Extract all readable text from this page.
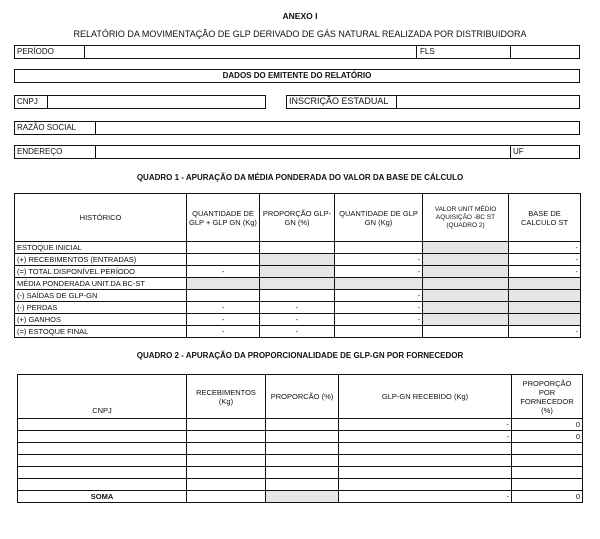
ANEXO I
RELATÓRIO DA MOVIMENTAÇÃO DE GLP DERIVADO DE GÁS NATURAL REALIZADA POR DISTRIBUIDORA
PERÍODO	FLS
DADOS DO EMITENTE DO RELATÓRIO
CNPJ	INSCRIÇÃO ESTADUAL
RAZÃO SOCIAL
ENDEREÇO	UF
QUADRO 1 - APURAÇÃO DA MÉDIA PONDERADA DO VALOR DA BASE DE CÁLCULO
HISTÓRICO	QUANTIDADE DE GLP + GLP GN (Kg)	PROPORÇÃO GLP-GN (%)	QUANTIDADE DE GLP GN (Kg)	VALOR UNIT MÉDIO AQUISIÇÃO -BC ST (QUADRO 2)	BASE DE CALCULO ST
ESTOQUE INICIAL					-
(+) RECEBIMENTOS (ENTRADAS)			-		-
(=) TOTAL DISPONÍVEL PERÍODO	-		-		-
MÉDIA PONDERADA UNIT.DA BC-ST					
(-) SAÍDAS DE GLP-GN			-		
(-) PERDAS	-	-	-		
(+) GANHOS	-	-	-		
(=) ESTOQUE FINAL	-	-			-
QUADRO 2 - APURAÇÃO DA PROPORCIONALIDADE DE GLP-GN POR FORNECEDOR
CNPJ	RECEBIMENTOS (Kg)	PROPORCÃO (%)	GLP-GN RECEBIDO (Kg)	PROPORÇÃO POR FORNECEDOR (%)
			-	0
			-	0

SOMA			-	0
